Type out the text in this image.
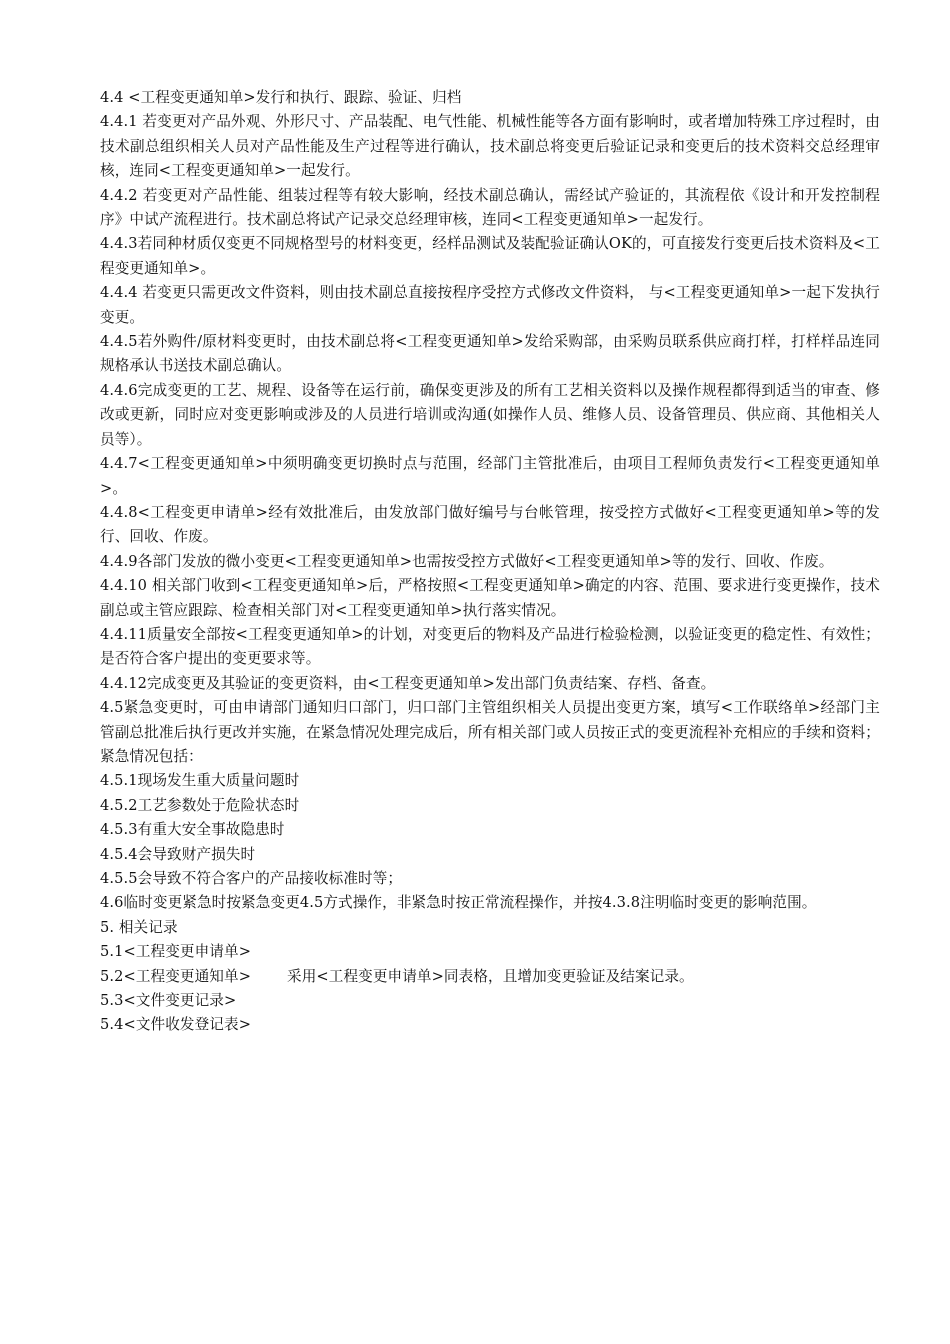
4.4 <工程变更通知单>发行和执行、跟踪、验证、归档

4.4.1 若变更对产品外观、外形尺寸、产品装配、电气性能、机械性能等各方面有影响时，或者增加特殊工序过程时，由技术副总组织相关人员对产品性能及生产过程等进行确认，技术副总将变更后验证记录和变更后的技术资料交总经理审核，连同<工程变更通知单>一起发行。

4.4.2 若变更对产品性能、组装过程等有较大影响，经技术副总确认，需经试产验证的，其流程依《设计和开发控制程序》中试产流程进行。技术副总将试产记录交总经理审核，连同<工程变更通知单>一起发行。

4.4.3若同种材质仅变更不同规格型号的材料变更，经样品测试及装配验证确认OK的，可直接发行变更后技术资料及<工程变更通知单>。

4.4.4 若变更只需更改文件资料，则由技术副总直接按程序受控方式修改文件资料， 与<工程变更通知单>一起下发执行变更。

4.4.5若外购件/原材料变更时，由技术副总将<工程变更通知单>发给采购部，由采购员联系供应商打样，打样样品连同规格承认书送技术副总确认。

4.4.6完成变更的工艺、规程、设备等在运行前，确保变更涉及的所有工艺相关资料以及操作规程都得到适当的审查、修改或更新，同时应对变更影响或涉及的人员进行培训或沟通(如操作人员、维修人员、设备管理员、供应商、其他相关人员等）。

4.4.7<工程变更通知单>中须明确变更切换时点与范围，经部门主管批准后，由项目工程师负责发行<工程变更通知单>。

4.4.8<工程变更申请单>经有效批准后，由发放部门做好编号与台帐管理，按受控方式做好<工程变更通知单>等的发行、回收、作废。

4.4.9各部门发放的微小变更<工程变更通知单>也需按受控方式做好<工程变更通知单>等的发行、回收、作废。

4.4.10 相关部门收到<工程变更通知单>后，严格按照<工程变更通知单>确定的内容、范围、要求进行变更操作，技术副总或主管应跟踪、检查相关部门对<工程变更通知单>执行落实情况。

4.4.11质量安全部按<工程变更通知单>的计划，对变更后的物料及产品进行检验检测，以验证变更的稳定性、有效性；是否符合客户提出的变更要求等。

4.4.12完成变更及其验证的变更资料，由<工程变更通知单>发出部门负责结案、存档、备查。

4.5紧急变更时，可由申请部门通知归口部门，归口部门主管组织相关人员提出变更方案，填写<工作联络单>经部门主管副总批准后执行更改并实施，在紧急情况处理完成后，所有相关部门或人员按正式的变更流程补充相应的手续和资料；紧急情况包括：

4.5.1现场发生重大质量问题时

4.5.2工艺参数处于危险状态时

4.5.3有重大安全事故隐患时

4.5.4会导致财产损失时

4.5.5会导致不符合客户的产品接收标准时等；

4.6临时变更紧急时按紧急变更4.5方式操作，非紧急时按正常流程操作，并按4.3.8注明临时变更的影响范围。

5. 相关记录

5.1<工程变更申请单>

5.2<工程变更通知单> 采用<工程变更申请单>同表格，且增加变更验证及结案记录。

5.3<文件变更记录>

5.4<文件收发登记表>
